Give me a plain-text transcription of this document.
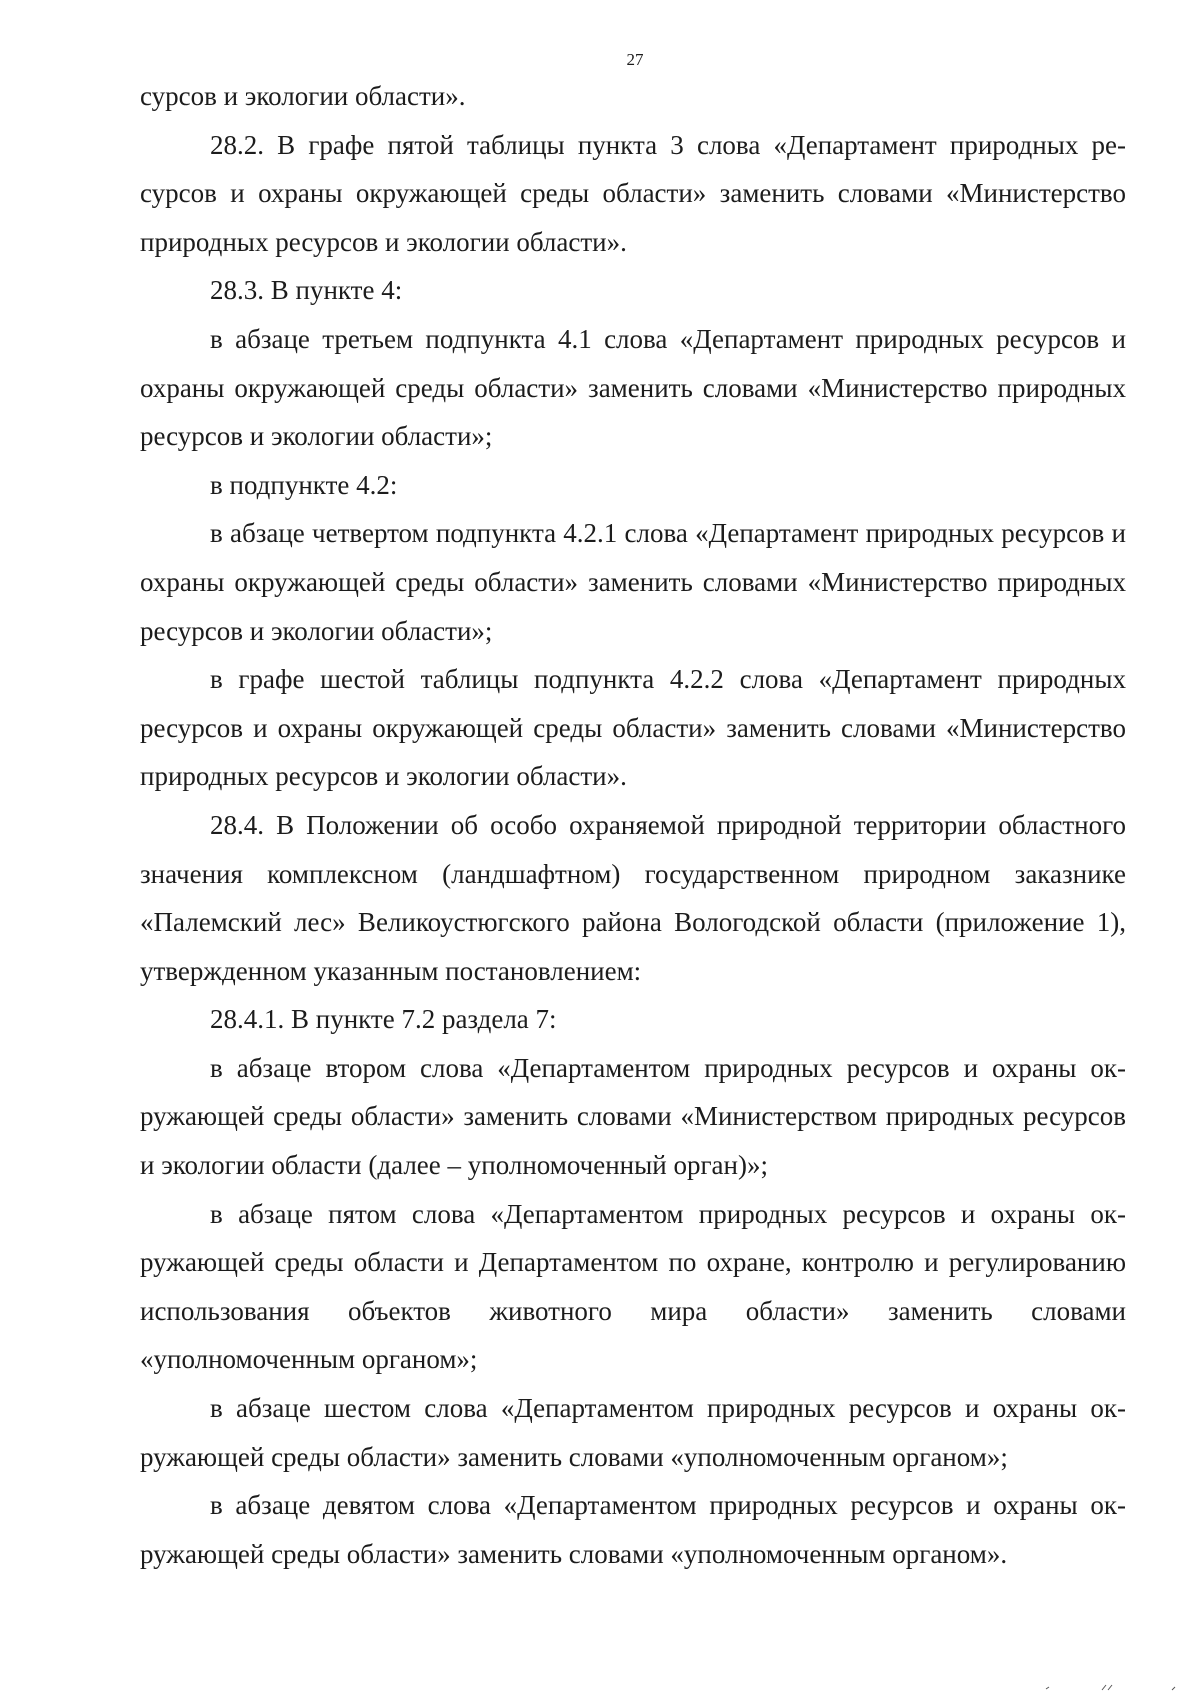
27

сурсов и экологии области».

28.2. В графе пятой таблицы пункта 3 слова «Департамент природных ресурсов и охраны окружающей среды области» заменить словами «Министерство природных ресурсов и экологии области».

28.3. В пункте 4:

в абзаце третьем подпункта 4.1 слова «Департамент природных ресурсов и охраны окружающей среды области» заменить словами «Министерство природных ресурсов и экологии области»;

в подпункте 4.2:

в абзаце четвертом подпункта 4.2.1 слова «Департамент природных ресурсов и охраны окружающей среды области» заменить словами «Министерство природных ресурсов и экологии области»;

в графе шестой таблицы подпункта 4.2.2 слова «Департамент природных ресурсов и охраны окружающей среды области» заменить словами «Министерство природных ресурсов и экологии области».

28.4. В Положении об особо охраняемой природной территории областного значения комплексном (ландшафтном) государственном природном заказнике «Палемский лес» Великоустюгского района Вологодской области (приложение 1), утвержденном указанным постановлением:

28.4.1. В пункте 7.2 раздела 7:

в абзаце втором слова «Департаментом природных ресурсов и охраны окружающей среды области» заменить словами «Министерством природных ресурсов и экологии области (далее – уполномоченный орган)»;

в абзаце пятом слова «Департаментом природных ресурсов и охраны окружающей среды области и Департаментом по охране, контролю и регулированию использования объектов животного мира области» заменить словами «уполномоченным органом»;

в абзаце шестом слова «Департаментом природных ресурсов и охраны окружающей среды области» заменить словами «уполномоченным органом»;

в абзаце девятом слова «Департаментом природных ресурсов и охраны окружающей среды области» заменить словами «уполномоченным органом».
